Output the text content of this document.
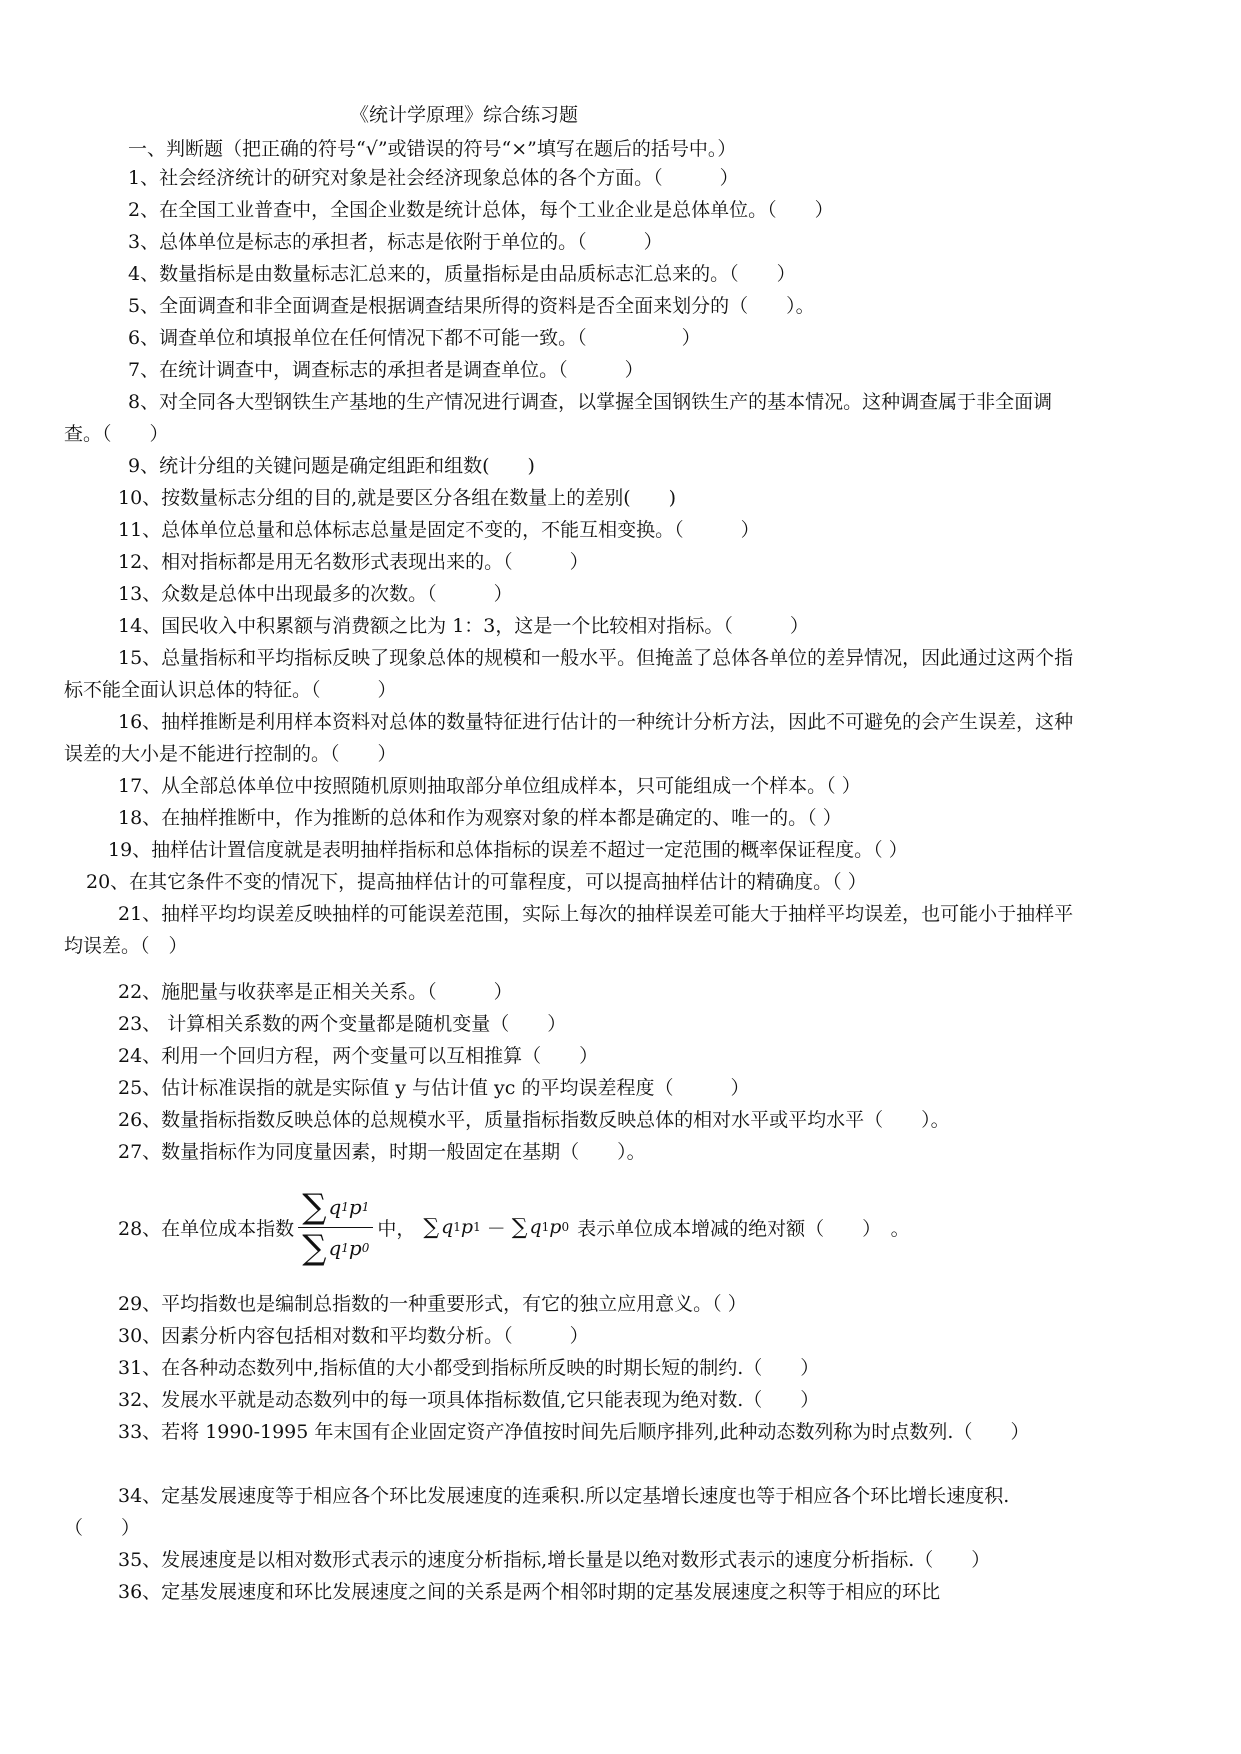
《统计学原理》综合练习题
一、判断题（把正确的符号“√”或错误的符号“×”填写在题后的括号中。）
1、社会经济统计的研究对象是社会经济现象总体的各个方面。（　　　）
2、在全国工业普查中，全国企业数是统计总体，每个工业企业是总体单位。（　　）
3、总体单位是标志的承担者，标志是依附于单位的。（　　　）
4、数量指标是由数量标志汇总来的，质量指标是由品质标志汇总来的。（　　）
5、全面调查和非全面调查是根据调查结果所得的资料是否全面来划分的（　　）。
6、调查单位和填报单位在任何情况下都不可能一致。（　　　　　）
7、在统计调查中，调查标志的承担者是调查单位。（　　　）
8、对全同各大型钢铁生产基地的生产情况进行调查，以掌握全国钢铁生产的基本情况。这种调查属于非全面调查。（　　）
9、统计分组的关键问题是确定组距和组数(　　)
10、按数量标志分组的目的,就是要区分各组在数量上的差别(　　)
11、总体单位总量和总体标志总量是固定不变的，不能互相变换。（　　　）
12、相对指标都是用无名数形式表现出来的。（　　　）
13、众数是总体中出现最多的次数。（　　　）
14、国民收入中积累额与消费额之比为 1：3，这是一个比较相对指标。（　　　）
15、总量指标和平均指标反映了现象总体的规模和一般水平。但掩盖了总体各单位的差异情况，因此通过这两个指标不能全面认识总体的特征。（　　　）
16、抽样推断是利用样本资料对总体的数量特征进行估计的一种统计分析方法，因此不可避免的会产生误差，这种误差的大小是不能进行控制的。（　　）
17、从全部总体单位中按照随机原则抽取部分单位组成样本，只可能组成一个样本。（ ）
18、在抽样推断中，作为推断的总体和作为观察对象的样本都是确定的、唯一的。（ ）
19、抽样估计置信度就是表明抽样指标和总体指标的误差不超过一定范围的概率保证程度。（ ）
20、在其它条件不变的情况下，提高抽样估计的可靠程度，可以提高抽样估计的精确度。（ ）
21、抽样平均均误差反映抽样的可能误差范围，实际上每次的抽样误差可能大于抽样平均误差，也可能小于抽样平均误差。（　）
22、施肥量与收获率是正相关关系。（　　　）
23、 计算相关系数的两个变量都是随机变量（　　）
24、利用一个回归方程，两个变量可以互相推算（　　）
25、估计标准误指的就是实际值 y 与估计值 yc 的平均误差程度（　　　）
26、数量指标指数反映总体的总规模水平，质量指标指数反映总体的相对水平或平均水平（　　）。
27、数量指标作为同度量因素，时期一般固定在基期（　　）。
28、在单位成本指数 $\frac{\sum q 1 p 1}{\sum q 1 p 0}$ 中， ∑ q 1 p 1 － ∑ q 1 p 0 表示单位成本增减的绝对额（　　）　。
29、平均指数也是编制总指数的一种重要形式，有它的独立应用意义。（ ）
30、因素分析内容包括相对数和平均数分析。（　　　）
31、在各种动态数列中,指标值的大小都受到指标所反映的时期长短的制约.（　　）
32、发展水平就是动态数列中的每一项具体指标数值,它只能表现为绝对数.（　　）
33、若将 1990-1995 年末国有企业固定资产净值按时间先后顺序排列,此种动态数列称为时点数列.（　　）
34、定基发展速度等于相应各个环比发展速度的连乘积.所以定基增长速度也等于相应各个环比增长速度积.（　　）
35、发展速度是以相对数形式表示的速度分析指标,增长量是以绝对数形式表示的速度分析指标.（　　）
36、定基发展速度和环比发展速度之间的关系是两个相邻时期的定基发展速度之积等于相应的环比
